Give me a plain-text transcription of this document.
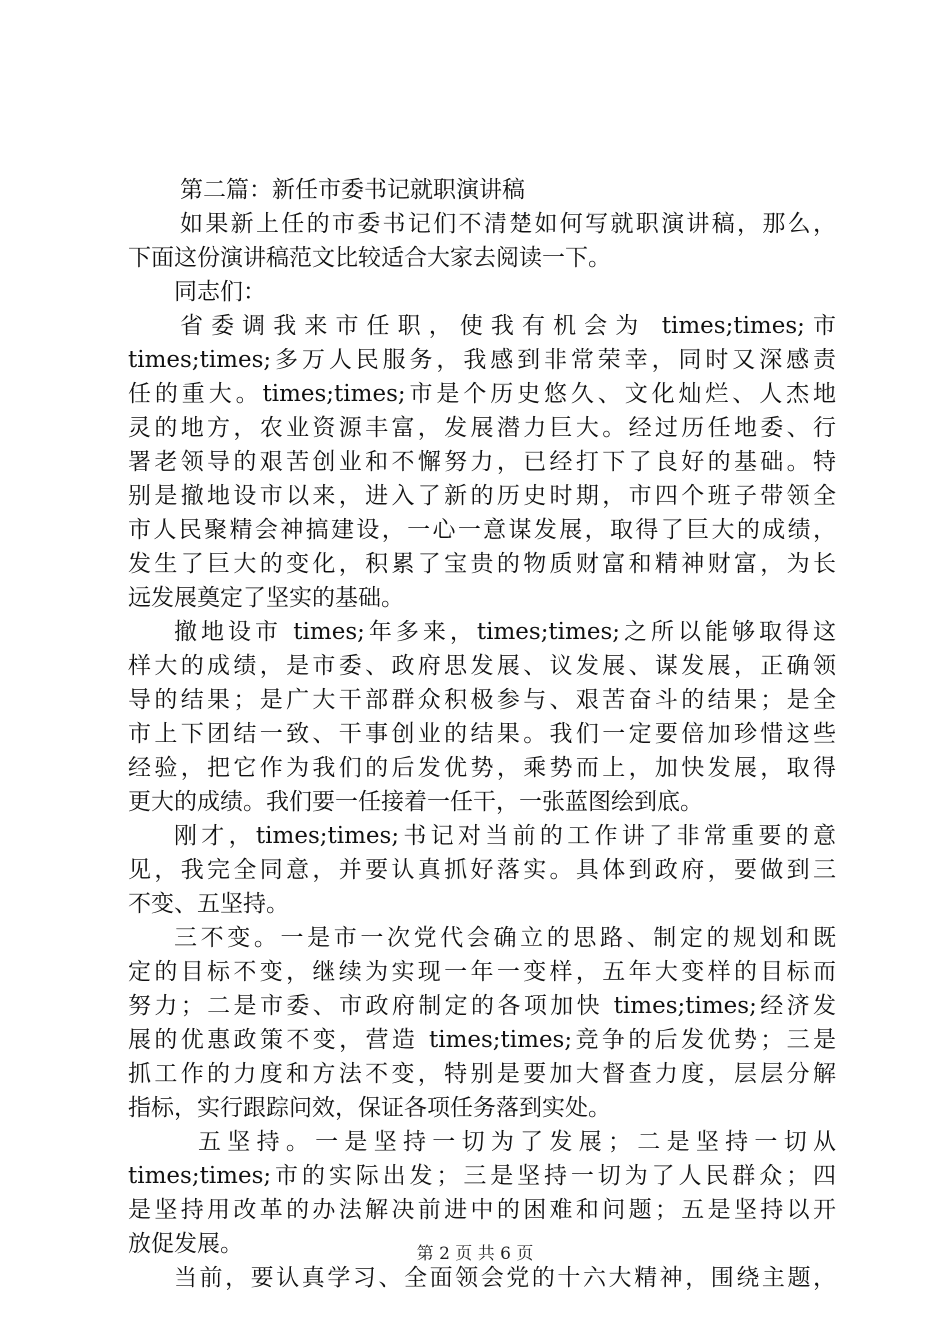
第二篇：新任市委书记就职演讲稿
如果新上任的市委书记们不清楚如何写就职演讲稿，那么，
下面这份演讲稿范文比较适合大家去阅读一下。
同志们：
省委调我来市任职，使我有机会为 times;times;市
times;times;多万人民服务，我感到非常荣幸，同时又深感责
任的重大。times;times;市是个历史悠久、文化灿烂、人杰地
灵的地方，农业资源丰富，发展潜力巨大。经过历任地委、行
署老领导的艰苦创业和不懈努力，已经打下了良好的基础。特
别是撤地设市以来，进入了新的历史时期，市四个班子带领全
市人民聚精会神搞建设，一心一意谋发展，取得了巨大的成绩，
发生了巨大的变化，积累了宝贵的物质财富和精神财富，为长
远发展奠定了坚实的基础。
撤地设市 times;年多来，times;times;之所以能够取得这
样大的成绩，是市委、政府思发展、议发展、谋发展，正确领
导的结果；是广大干部群众积极参与、艰苦奋斗的结果；是全
市上下团结一致、干事创业的结果。我们一定要倍加珍惜这些
经验，把它作为我们的后发优势，乘势而上，加快发展，取得
更大的成绩。我们要一任接着一任干，一张蓝图绘到底。
刚才，times;times;书记对当前的工作讲了非常重要的意
见，我完全同意，并要认真抓好落实。具体到政府，要做到三
不变、五坚持。
三不变。一是市一次党代会确立的思路、制定的规划和既
定的目标不变，继续为实现一年一变样，五年大变样的目标而
努力；二是市委、市政府制定的各项加快 times;times;经济发
展的优惠政策不变，营造 times;times;竞争的后发优势；三是
抓工作的力度和方法不变，特别是要加大督查力度，层层分解
指标，实行跟踪问效，保证各项任务落到实处。
五坚持。一是坚持一切为了发展；二是坚持一切从
times;times;市的实际出发；三是坚持一切为了人民群众；四
是坚持用改革的办法解决前进中的困难和问题；五是坚持以开
放促发展。
当前，要认真学习、全面领会党的十六大精神，围绕主题，
第 2 页 共 6 页
